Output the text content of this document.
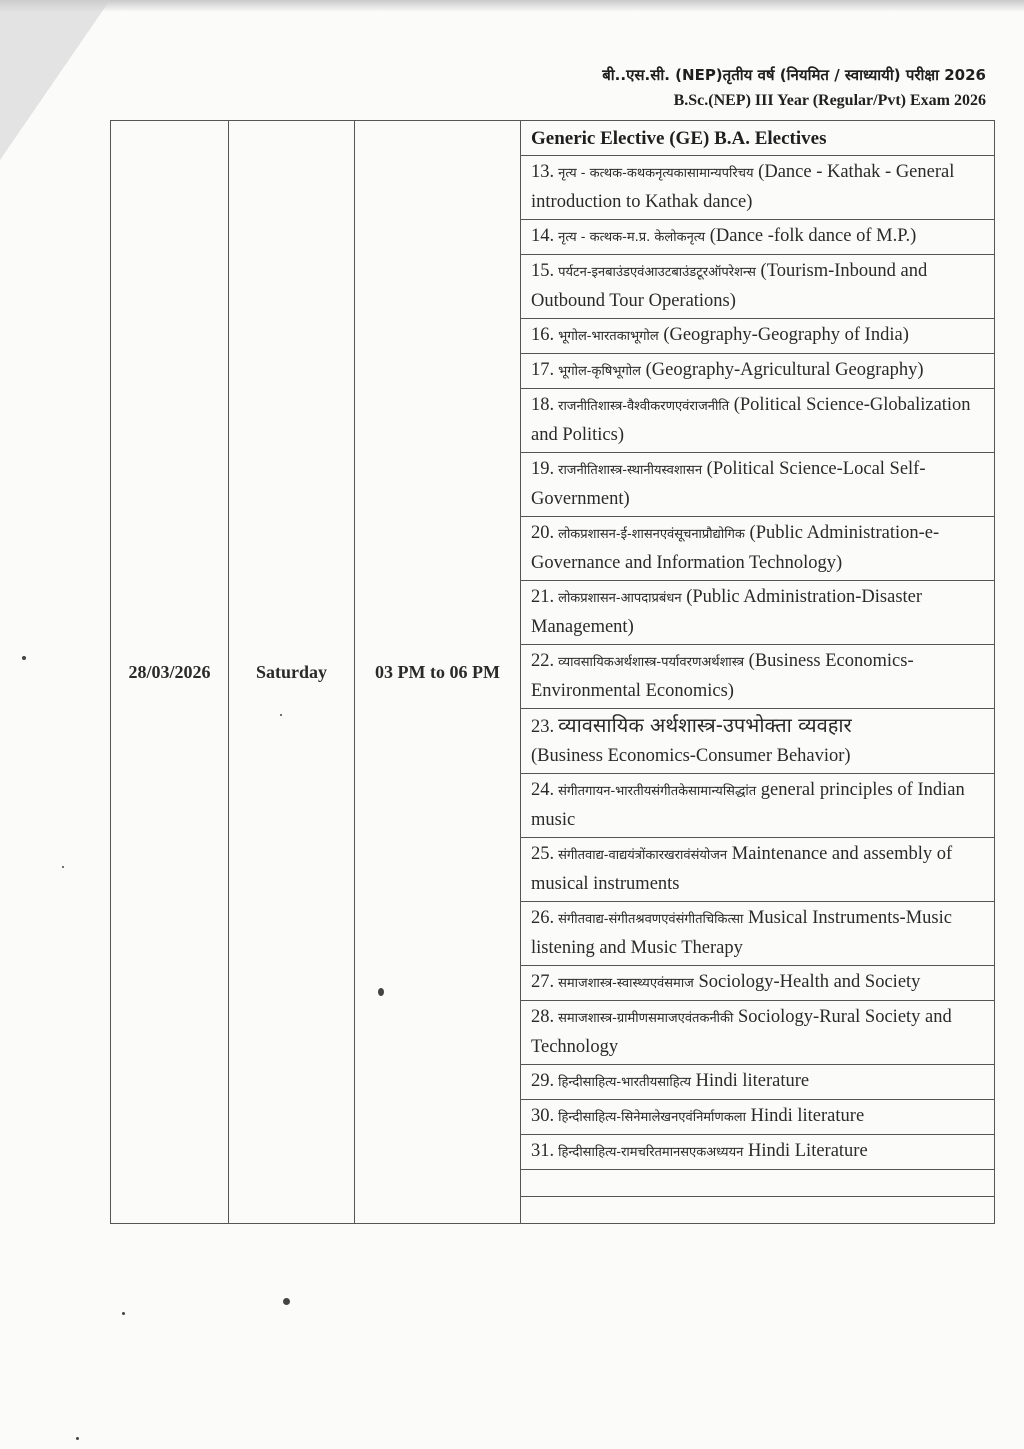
बी..एस.सी. (NEP)तृतीय वर्ष (नियमित / स्वाध्यायी) परीक्षा 2026
B.Sc.(NEP) III Year (Regular/Pvt) Exam 2026
28/03/2026	Saturday	03 PM to 06 PM	Generic Elective (GE) B.A. Electives
13. नृत्य - कत्थक-कथकनृत्यकासामान्यपरिचय (Dance - Kathak - General introduction to Kathak dance)
14. नृत्य - कत्थक-म.प्र. केलोकनृत्य (Dance -folk dance of M.P.)
15. पर्यटन-इनबाउंडएवंआउटबाउंडटूरऑपरेशन्स (Tourism-Inbound and Outbound Tour Operations)
16. भूगोल-भारतकाभूगोल (Geography-Geography of India)
17. भूगोल-कृषिभूगोल (Geography-Agricultural Geography)
18. राजनीतिशास्त्र-वैश्वीकरणएवंराजनीति (Political Science-Globalization and Politics)
19. राजनीतिशास्त्र-स्थानीयस्वशासन (Political Science-Local Self-Government)
20. लोकप्रशासन-ई-शासनएवंसूचनाप्रौद्योगिक (Public Administration-e-Governance and Information Technology)
21. लोकप्रशासन-आपदाप्रबंधन (Public Administration-Disaster Management)
22. व्यावसायिकअर्थशास्त्र-पर्यावरणअर्थशास्त्र (Business Economics-Environmental Economics)
23. व्यावसायिक अर्थशास्त्र-उपभोक्ता व्यवहार
(Business Economics-Consumer Behavior)
24. संगीतगायन-भारतीयसंगीतकेसामान्यसिद्धांत general principles of Indian music
25. संगीतवाद्य-वाद्ययंत्रोंकारखरावंसंयोजन Maintenance and assembly of musical instruments
26. संगीतवाद्य-संगीतश्रवणएवंसंगीतचिकित्सा Musical Instruments-Music listening and Music Therapy
27. समाजशास्त्र-स्वास्थ्यएवंसमाज Sociology-Health and Society
28. समाजशास्त्र-ग्रामीणसमाजएवंतकनीकी Sociology-Rural Society and Technology
29. हिन्दीसाहित्य-भारतीयसाहित्य Hindi literature
30. हिन्दीसाहित्य-सिनेमालेखनएवंनिर्माणकला Hindi literature
31. हिन्दीसाहित्य-रामचरितमानसएकअध्ययन Hindi Literature
